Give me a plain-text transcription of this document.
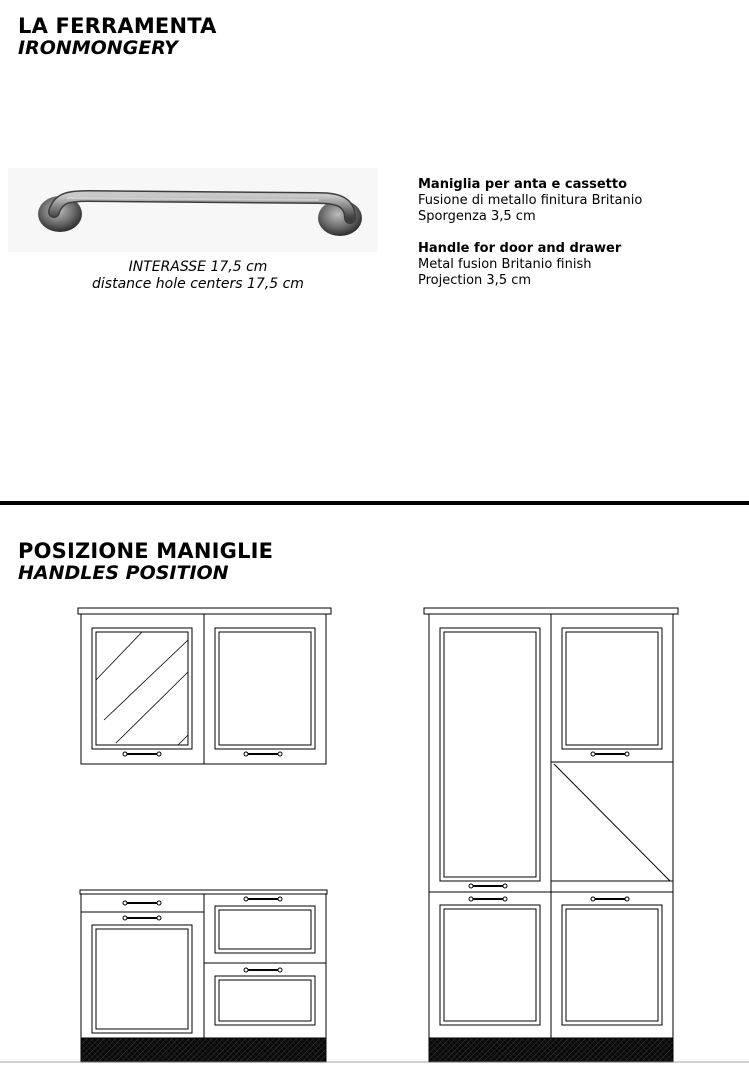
LA FERRAMENTA
IRONMONGERY
INTERASSE 17,5 cm
distance hole centers 17,5 cm
Maniglia per anta e cassetto
Fusione di metallo finitura Britanio
Sporgenza 3,5 cm
Handle for door and drawer
Metal fusion Britanio finish
Projection 3,5 cm
POSIZIONE MANIGLIE
HANDLES POSITION
